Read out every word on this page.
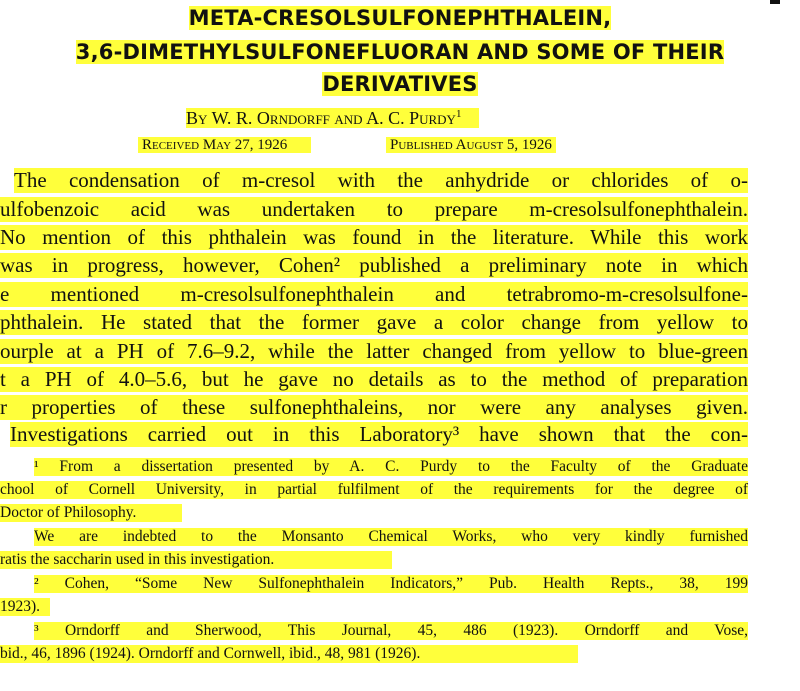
META-CRESOLSULFONEPHTHALEIN,
3,6-DIMETHYLSULFONEFLUORAN AND SOME OF THEIR
DERIVATIVES
By W. R. Orndorff and A. C. Purdy$^1$
Received May 27, 1926	Published August 5, 1926
The condensation of m-cresol with the anhydride or chlorides of o-
ulfobenzoic acid was undertaken to prepare m-cresolsulfonephthalein.
No mention of this phthalein was found in the literature. While this work
was in progress, however, Cohen² published a preliminary note in which
e mentioned m-cresolsulfonephthalein and tetrabromo-m-cresolsulfone-
phthalein. He stated that the former gave a color change from yellow to
ourple at a PH of 7.6–9.2, while the latter changed from yellow to blue-green
t a PH of 4.0–5.6, but he gave no details as to the method of preparation
r properties of these sulfonephthaleins, nor were any analyses given.
Investigations carried out in this Laboratory³ have shown that the con-
¹ From a dissertation presented by A. C. Purdy to the Faculty of the Graduate
chool of Cornell University, in partial fulfilment of the requirements for the degree of
Doctor of Philosophy.
We are indebted to the Monsanto Chemical Works, who very kindly furnished
ratis the saccharin used in this investigation.
² Cohen, “Some New Sulfonephthalein Indicators,” Pub. Health Repts., 38, 199
1923).
³ Orndorff and Sherwood, This Journal, 45, 486 (1923). Orndorff and Vose,
bid., 46, 1896 (1924). Orndorff and Cornwell, ibid., 48, 981 (1926).
